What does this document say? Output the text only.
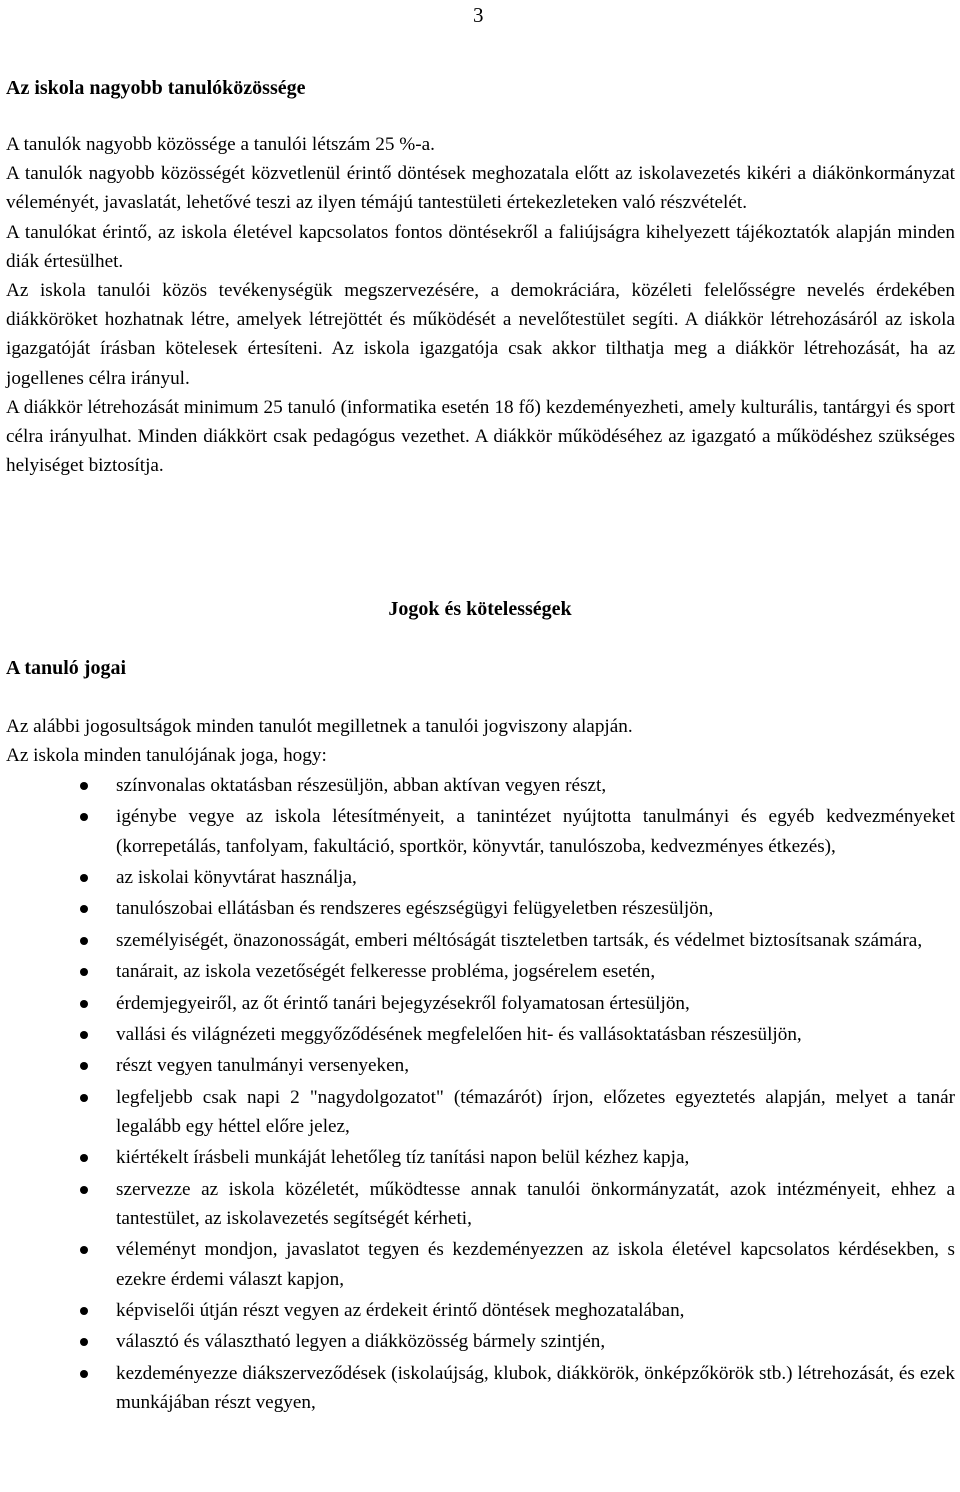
3
Az iskola nagyobb tanulóközössége

A tanulók nagyobb közössége a tanulói létszám 25 %-a.

A tanulók nagyobb közösségét közvetlenül érintő döntések meghozatala előtt az iskolavezetés kikéri a diákönkormányzat véleményét, javaslatát, lehetővé teszi az ilyen témájú tantestületi értekezleteken való részvételét.

A tanulókat érintő, az iskola életével kapcsolatos fontos döntésekről a faliújságra kihelyezett tájékoztatók alapján minden diák értesülhet.

Az iskola tanulói közös tevékenységük megszervezésére, a demokráciára, közéleti felelősségre nevelés érdekében diákköröket hozhatnak létre, amelyek létrejöttét és működését a nevelőtestület segíti. A diákkör létrehozásáról az iskola igazgatóját írásban kötelesek értesíteni. Az iskola igazgatója csak akkor tilthatja meg a diákkör létrehozását, ha az jogellenes célra irányul.

A diákkör létrehozását minimum 25 tanuló (informatika esetén 18 fő) kezdeményezheti, amely kulturális, tantárgyi és sport célra irányulhat. Minden diákkört csak pedagógus vezethet. A diákkör működéséhez az igazgató a működéshez szükséges helyiséget biztosítja.

Jogok és kötelességek
A tanuló jogai

Az alábbi jogosultságok minden tanulót megilletnek a tanulói jogviszony alapján.

Az iskola minden tanulójának joga, hogy:

színvonalas oktatásban részesüljön, abban aktívan vegyen részt,
igénybe vegye az iskola létesítményeit, a tanintézet nyújtotta tanulmányi és egyéb kedvezményeket (korrepetálás, tanfolyam, fakultáció, sportkör, könyvtár, tanulószoba, kedvezményes étkezés),
az iskolai könyvtárat használja,
tanulószobai ellátásban és rendszeres egészségügyi felügyeletben részesüljön,
személyiségét, önazonosságát, emberi méltóságát tiszteletben tartsák, és védelmet biztosítsanak számára,
tanárait, az iskola vezetőségét felkeresse probléma, jogsérelem esetén,
érdemjegyeiről, az őt érintő tanári bejegyzésekről folyamatosan értesüljön,
vallási és világnézeti meggyőződésének megfelelően hit- és vallásoktatásban részesüljön,
részt vegyen tanulmányi versenyeken,
legfeljebb csak napi 2 "nagydolgozatot" (témazárót) írjon, előzetes egyeztetés alapján, melyet a tanár legalább egy héttel előre jelez,
kiértékelt írásbeli munkáját lehetőleg tíz tanítási napon belül kézhez kapja,
szervezze az iskola közéletét, működtesse annak tanulói önkormányzatát, azok intézményeit, ehhez a tantestület, az iskolavezetés segítségét kérheti,
véleményt mondjon, javaslatot tegyen és kezdeményezzen az iskola életével kapcsolatos kérdésekben, s ezekre érdemi választ kapjon,
képviselői útján részt vegyen az érdekeit érintő döntések meghozatalában,
választó és választható legyen a diákközösség bármely szintjén,
kezdeményezze diákszerveződések (iskolaújság, klubok, diákkörök, önképzőkörök stb.) létrehozását, és ezek munkájában részt vegyen,
